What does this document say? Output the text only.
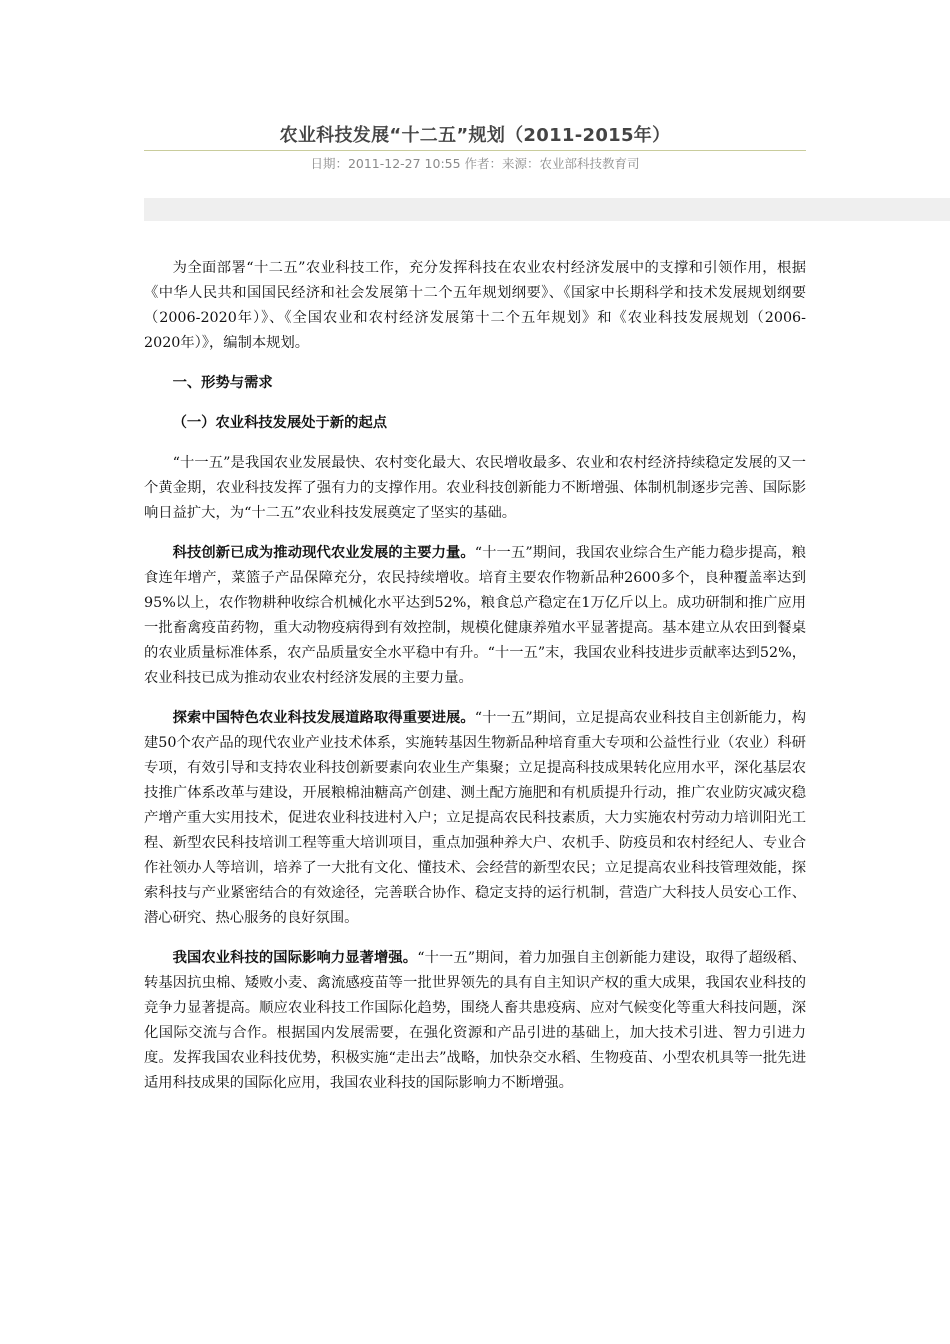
农业科技发展“十二五”规划（2011-2015年）
日期：2011-12-27 10:55 作者：来源：农业部科技教育司

为全面部署“十二五”农业科技工作，充分发挥科技在农业农村经济发展中的支撑和引领作用，根据《中华人民共和国国民经济和社会发展第十二个五年规划纲要》、《国家中长期科学和技术发展规划纲要（2006-2020年）》、《全国农业和农村经济发展第十二个五年规划》和《农业科技发展规划（2006-2020年）》，编制本规划。

一、形势与需求

（一）农业科技发展处于新的起点

“十一五”是我国农业发展最快、农村变化最大、农民增收最多、农业和农村经济持续稳定发展的又一个黄金期，农业科技发挥了强有力的支撑作用。农业科技创新能力不断增强、体制机制逐步完善、国际影响日益扩大，为“十二五”农业科技发展奠定了坚实的基础。

科技创新已成为推动现代农业发展的主要力量。“十一五”期间，我国农业综合生产能力稳步提高，粮食连年增产，菜篮子产品保障充分，农民持续增收。培育主要农作物新品种2600多个，良种覆盖率达到95%以上，农作物耕种收综合机械化水平达到52%，粮食总产稳定在1万亿斤以上。成功研制和推广应用一批畜禽疫苗药物，重大动物疫病得到有效控制，规模化健康养殖水平显著提高。基本建立从农田到餐桌的农业质量标准体系，农产品质量安全水平稳中有升。“十一五”末，我国农业科技进步贡献率达到52%，农业科技已成为推动农业农村经济发展的主要力量。

探索中国特色农业科技发展道路取得重要进展。“十一五”期间，立足提高农业科技自主创新能力，构建50个农产品的现代农业产业技术体系，实施转基因生物新品种培育重大专项和公益性行业（农业）科研专项，有效引导和支持农业科技创新要素向农业生产集聚；立足提高科技成果转化应用水平，深化基层农技推广体系改革与建设，开展粮棉油糖高产创建、测土配方施肥和有机质提升行动，推广农业防灾减灾稳产增产重大实用技术，促进农业科技进村入户；立足提高农民科技素质，大力实施农村劳动力培训阳光工程、新型农民科技培训工程等重大培训项目，重点加强种养大户、农机手、防疫员和农村经纪人、专业合作社领办人等培训，培养了一大批有文化、懂技术、会经营的新型农民；立足提高农业科技管理效能，探索科技与产业紧密结合的有效途径，完善联合协作、稳定支持的运行机制，营造广大科技人员安心工作、潜心研究、热心服务的良好氛围。

我国农业科技的国际影响力显著增强。“十一五”期间，着力加强自主创新能力建设，取得了超级稻、转基因抗虫棉、矮败小麦、禽流感疫苗等一批世界领先的具有自主知识产权的重大成果，我国农业科技的竞争力显著提高。顺应农业科技工作国际化趋势，围绕人畜共患疫病、应对气候变化等重大科技问题，深化国际交流与合作。根据国内发展需要，在强化资源和产品引进的基础上，加大技术引进、智力引进力度。发挥我国农业科技优势，积极实施“走出去”战略，加快杂交水稻、生物疫苗、小型农机具等一批先进适用科技成果的国际化应用，我国农业科技的国际影响力不断增强。
